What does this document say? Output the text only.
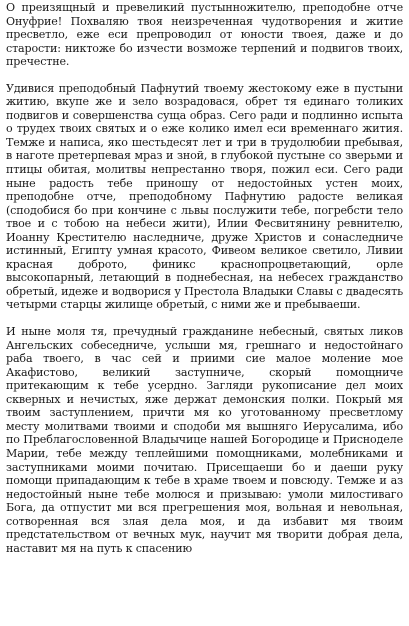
О преизящный и превеликий пустынножителю, преподобне отче Онуфрие! Похваляю твоя неизреченная чудотворения и житие пресветло, еже еси препроводил от юности твоея, даже и до старости: никтоже бо изчести возможе терпений и подвигов твоих, пречестне.

Удивися преподобный Пафнутий твоему жестокому еже в пустыни житию, вкупе же и зело возрадовася, обрет тя единаго толиких подвигов и совершенства суща образ. Сего ради и подлинно испыта о трудех твоих святых и о еже колико имел еси временнаго жития. Темже и написа, яко шестьдесят лет и три в трудолюбии пребывая, в наготе претерпевая мраз и зной, в глубокой пустыне со зверьми и птицы обитая, молитвы непрестанно творя, пожил еси. Сего ради ныне радость тебе приношу от недостойных устен моих, преподобне отче, преподобному Пафнутию радосте великая (сподобися бо при кончине с львы послужити тебе, погребсти тело твое и с тобою на небеси жити), Илии Фесвитянину ревнителю, Иоанну Крестителю наследниче, друже Христов и сонаследниче истинный, Египту умная красото, Фивеом великое светило, Ливии красная доброто, финикс краснопроцветающий, орле высокопарный, летающий в поднебесная, на небесех гражданство обретый, идеже и водворися у Престола Владыки Славы с двадесять четырми старцы жилище обретый, с ними же и пребываеши.

И ныне моля тя, пречудный гражданине небесный, святых ликов Ангельских собеседниче, услыши мя, грешнаго и недостойнаго раба твоего, в час сей и приими сие малое моление мое Акафистово, великий заступниче, скорый помощниче притекающим к тебе усердно. Загляди рукописание дел моих скверных и нечистых, яже держат демонския полки. Покрый мя твоим заступлением, причти мя ко уготованному пресветлому месту молитвами твоими и сподоби мя вышняго Иерусалима, ибо по Преблагословенной Владычице нашей Богородице и Присноделе Марии, тебе между теплейшими помощниками, молебниками и заступниками моими почитаю. Присещаеши бо и даеши руку помощи припадающим к тебе в храме твоем и повсюду. Темже и аз недостойный ныне тебе молюся и призываю: умоли милостиваго Бога, да отпустит ми вся прегрешения моя, вольная и невольная, сотворенная вся злая дела моя, и да избавит мя твоим предстательством от вечных мук, научит мя творити добрая дела, наставит мя на путь к спасению
